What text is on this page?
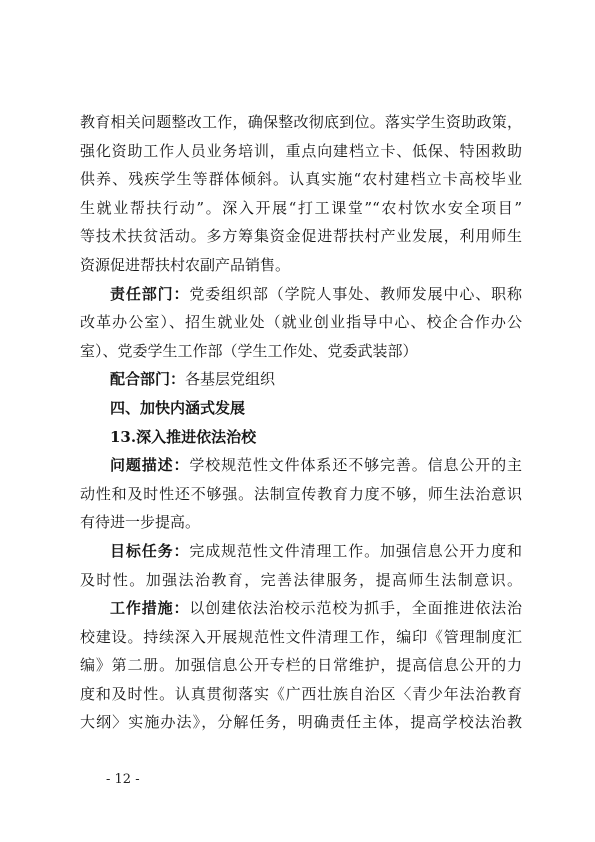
教育相关问题整改工作，确保整改彻底到位。落实学生资助政策，
强化资助工作人员业务培训，重点向建档立卡、低保、特困救助
供养、残疾学生等群体倾斜。认真实施“农村建档立卡高校毕业
生就业帮扶行动”。深入开展“打工课堂”“农村饮水安全项目”
等技术扶贫活动。多方筹集资金促进帮扶村产业发展，利用师生
资源促进帮扶村农副产品销售。
责任部门：党委组织部（学院人事处、教师发展中心、职称
改革办公室）、招生就业处（就业创业指导中心、校企合作办公
室）、党委学生工作部（学生工作处、党委武装部）
配合部门：各基层党组织
四、加快内涵式发展
13.深入推进依法治校
问题描述：学校规范性文件体系还不够完善。信息公开的主
动性和及时性还不够强。法制宣传教育力度不够，师生法治意识
有待进一步提高。
目标任务：完成规范性文件清理工作。加强信息公开力度和
及时性。加强法治教育，完善法律服务，提高师生法制意识。
工作措施：以创建依法治校示范校为抓手，全面推进依法治
校建设。持续深入开展规范性文件清理工作，编印《管理制度汇
编》第二册。加强信息公开专栏的日常维护，提高信息公开的力
度和及时性。认真贯彻落实《广西壮族自治区〈青少年法治教育
大纲〉实施办法》，分解任务，明确责任主体，提高学校法治教
- 12 -
